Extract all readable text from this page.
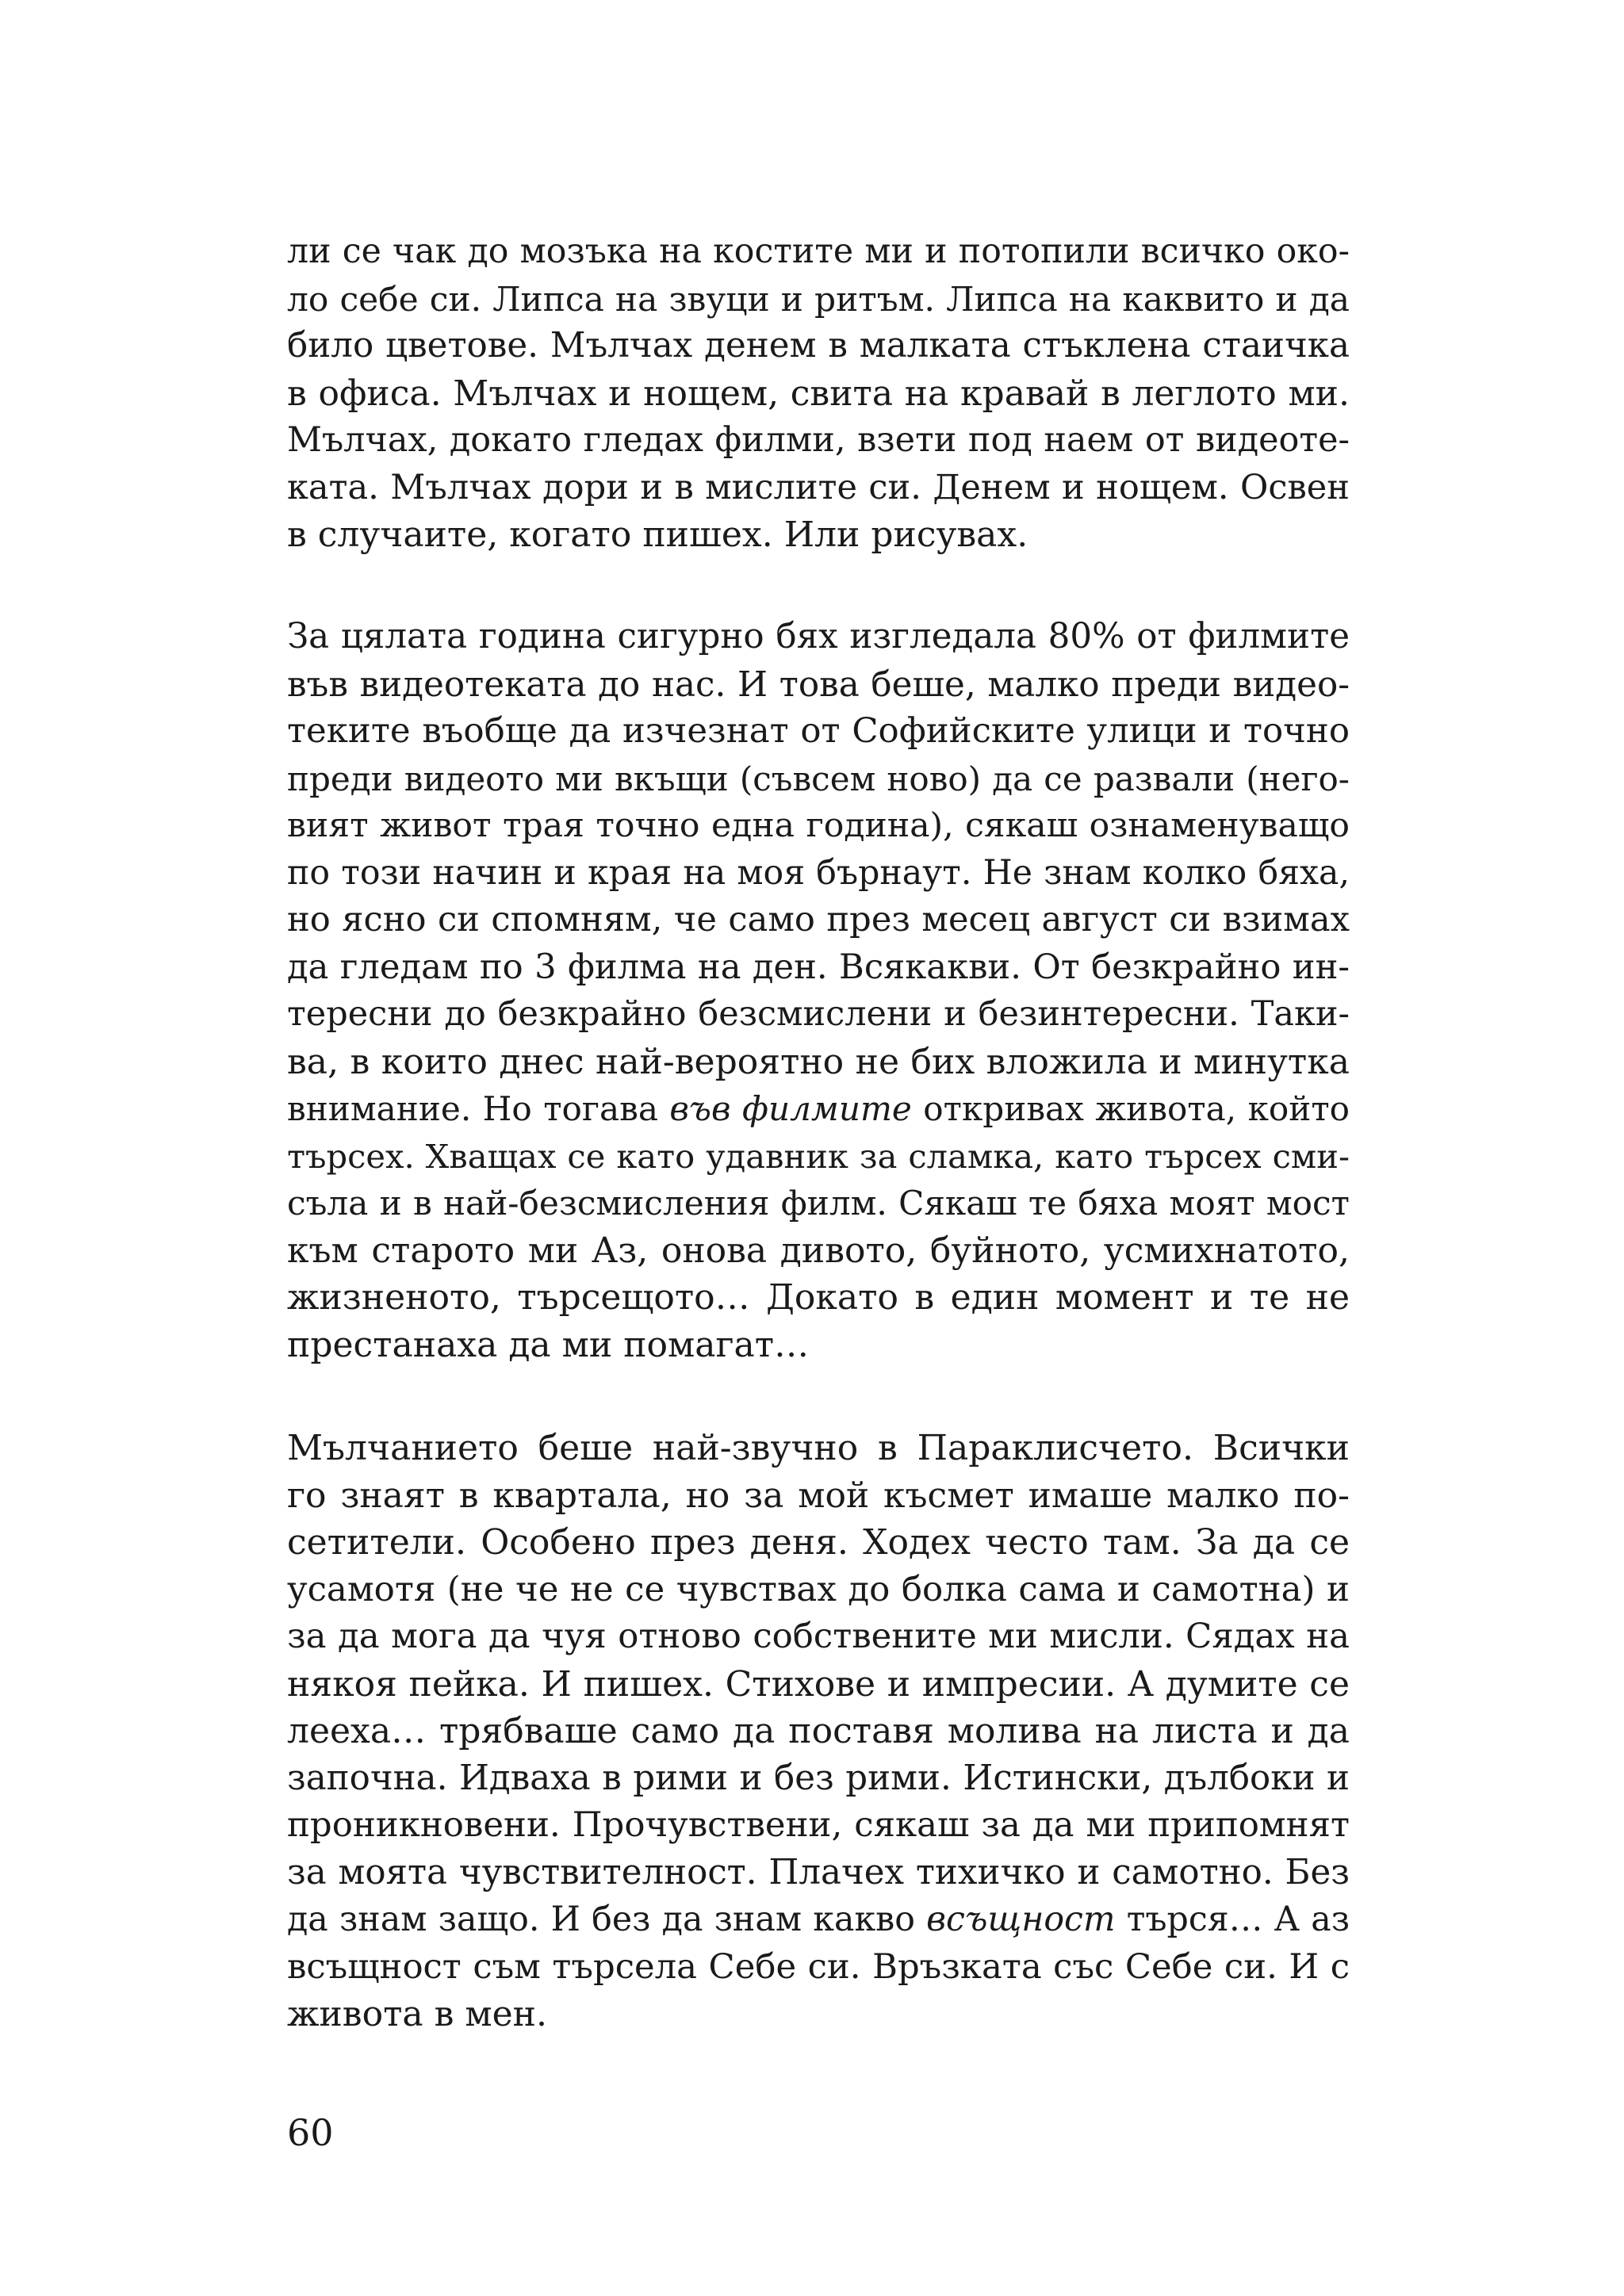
ли се чак до мозъка на костите ми и потопили всичко око-
ло себе си. Липса на звуци и ритъм. Липса на каквито и да
било цветове. Мълчах денем в малката стъклена стаичка
в офиса. Мълчах и нощем, свита на кравай в леглото ми.
Мълчах, докато гледах филми, взети под наем от видеоте-
ката. Мълчах дори и в мислите си. Денем и нощем. Освен
в случаите, когато пишех. Или рисувах.
За цялата година сигурно бях изгледала 80% от филмите
във видеотеката до нас. И това беше, малко преди видео-
теките въобще да изчезнат от Софийските улици и точно
преди видеото ми вкъщи (съвсем ново) да се развали (него-
вият живот трая точно една година), сякаш ознаменуващо
по този начин и края на моя бърнаут. Не знам колко бяха,
но ясно си спомням, че само през месец август си взимах
да гледам по 3 филма на ден. Всякакви. От безкрайно ин-
тересни до безкрайно безсмислени и безинтересни. Таки-
ва, в които днес най-вероятно не бих вложила и минутка
внимание. Но тогава във филмите откривах живота, който
търсех. Хващах се като удавник за сламка, като търсех сми-
съла и в най-безсмисления филм. Сякаш те бяха моят мост
към старото ми Аз, онова дивото, буйното, усмихнатото,
жизненото, търсещото… Докато в един момент и те не
престанаха да ми помагат…
Мълчанието беше най-звучно в Параклисчето. Всички
го знаят в квартала, но за мой късмет имаше малко по-
сетители. Особено през деня. Ходех често там. За да се
усамотя (не че не се чувствах до болка сама и самотна) и
за да мога да чуя отново собствените ми мисли. Сядах на
някоя пейка. И пишех. Стихове и импресии. А думите се
лееха… трябваше само да поставя молива на листа и да
започна. Идваха в рими и без рими. Истински, дълбоки и
проникновени. Прочувствени, сякаш за да ми припомнят
за моята чувствителност. Плачех тихичко и самотно. Без
да знам защо. И без да знам какво всъщност търся… А аз
всъщност съм търсела Себе си. Връзката със Себе си. И с
живота в мен.
60
